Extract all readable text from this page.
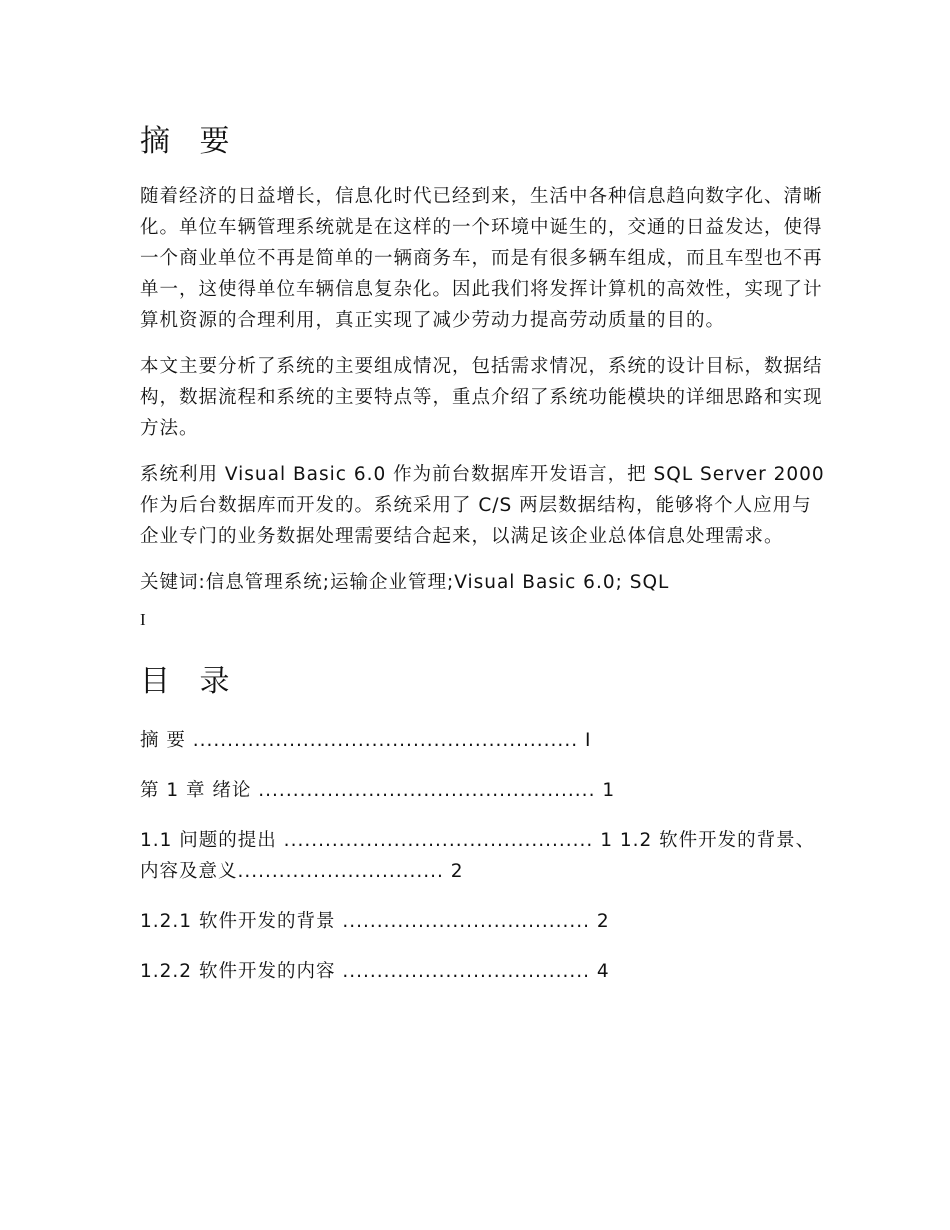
摘 要

随着经济的日益增长，信息化时代已经到来，生活中各种信息趋向数字化、清晰化。单位车辆管理系统就是在这样的一个环境中诞生的，交通的日益发达，使得一个商业单位不再是简单的一辆商务车，而是有很多辆车组成，而且车型也不再单一，这使得单位车辆信息复杂化。因此我们将发挥计算机的高效性，实现了计算机资源的合理利用，真正实现了减少劳动力提高劳动质量的目的。

本文主要分析了系统的主要组成情况，包括需求情况，系统的设计目标，数据结构，数据流程和系统的主要特点等，重点介绍了系统功能模块的详细思路和实现方法。

系统利用 Visual Basic 6.0 作为前台数据库开发语言，把 SQL Server 2000 作为后台数据库而开发的。系统采用了 C/S 两层数据结构，能够将个人应用与企业专门的业务数据处理需要结合起来，以满足该企业总体信息处理需求。

关键词:信息管理系统;运输企业管理;Visual Basic 6.0; SQL

I
目 录

摘 要 ........................................................ I

第 1 章 绪论 ................................................. 1

1.1 问题的提出 ............................................. 1 1.2 软件开发的背景、内容及意义.............................. 2

1.2.1 软件开发的背景 .................................... 2

1.2.2 软件开发的内容 .................................... 4
